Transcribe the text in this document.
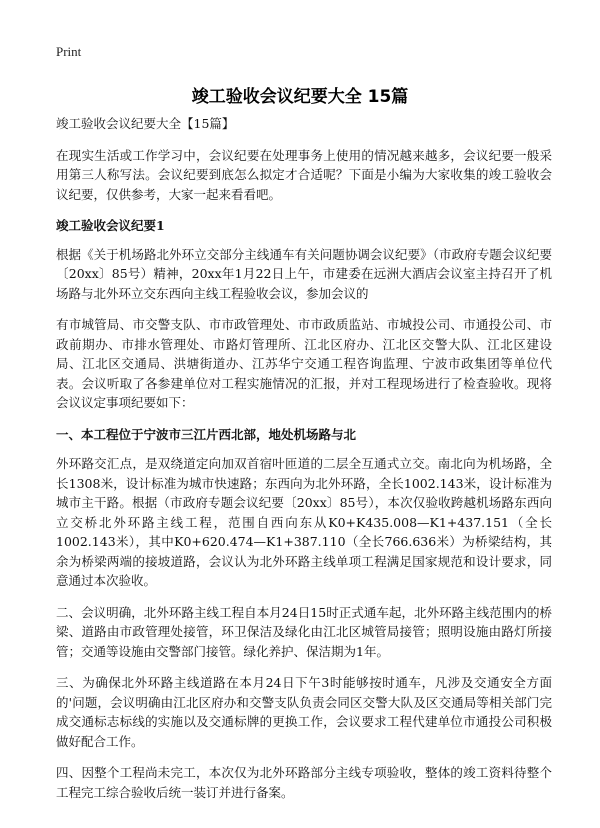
Print
竣工验收会议纪要大全 15篇

竣工验收会议纪要大全【15篇】

在现实生活或工作学习中，会议纪要在处理事务上使用的情况越来越多，会议纪要一般采用第三人称写法。会议纪要到底怎么拟定才合适呢？下面是小编为大家收集的竣工验收会议纪要，仅供参考，大家一起来看看吧。

竣工验收会议纪要1

根据《关于机场路北外环立交部分主线通车有关问题协调会议纪要》（市政府专题会议纪要〔20xx〕85号）精神，20xx年1月22日上午，市建委在远洲大酒店会议室主持召开了机场路与北外环立交东西向主线工程验收会议，参加会议的

有市城管局、市交警支队、市市政管理处、市市政质监站、市城投公司、市通投公司、市政前期办、市排水管理处、市路灯管理所、江北区府办、江北区交警大队、江北区建设局、江北区交通局、洪塘街道办、江苏华宁交通工程咨询监理、宁波市政集团等单位代表。会议听取了各参建单位对工程实施情况的汇报，并对工程现场进行了检查验收。现将会议议定事项纪要如下：

一、本工程位于宁波市三江片西北部，地处机场路与北

外环路交汇点，是双绕道定向加双首宿叶匝道的二层全互通式立交。南北向为机场路，全长1308米，设计标准为城市快速路；东西向为北外环路，全长1002.143米，设计标准为城市主干路。根据（市政府专题会议纪要〔20xx〕85号），本次仅验收跨越机场路东西向立交桥北外环路主线工程，范围自西向东从K0+K435.008—K1+437.151（全长1002.143米），其中K0+620.474—K1+387.110（全长766.636米）为桥梁结构，其余为桥梁两端的接坡道路，会议认为北外环路主线单项工程满足国家规范和设计要求，同意通过本次验收。

二、会议明确，北外环路主线工程自本月24日15时正式通车起，北外环路主线范围内的桥梁、道路由市政管理处接管，环卫保洁及绿化由江北区城管局接管；照明设施由路灯所接管；交通等设施由交警部门接管。绿化养护、保洁期为1年。

三、为确保北外环路主线道路在本月24日下午3时能够按时通车，凡涉及交通安全方面的'问题，会议明确由江北区府办和交警支队负责会同区交警大队及区交通局等相关部门完成交通标志标线的实施以及交通标牌的更换工作，会议要求工程代建单位市通投公司积极做好配合工作。

四、因整个工程尚未完工，本次仅为北外环路部分主线专项验收，整体的竣工资料待整个工程完工综合验收后统一装订并进行备案。
